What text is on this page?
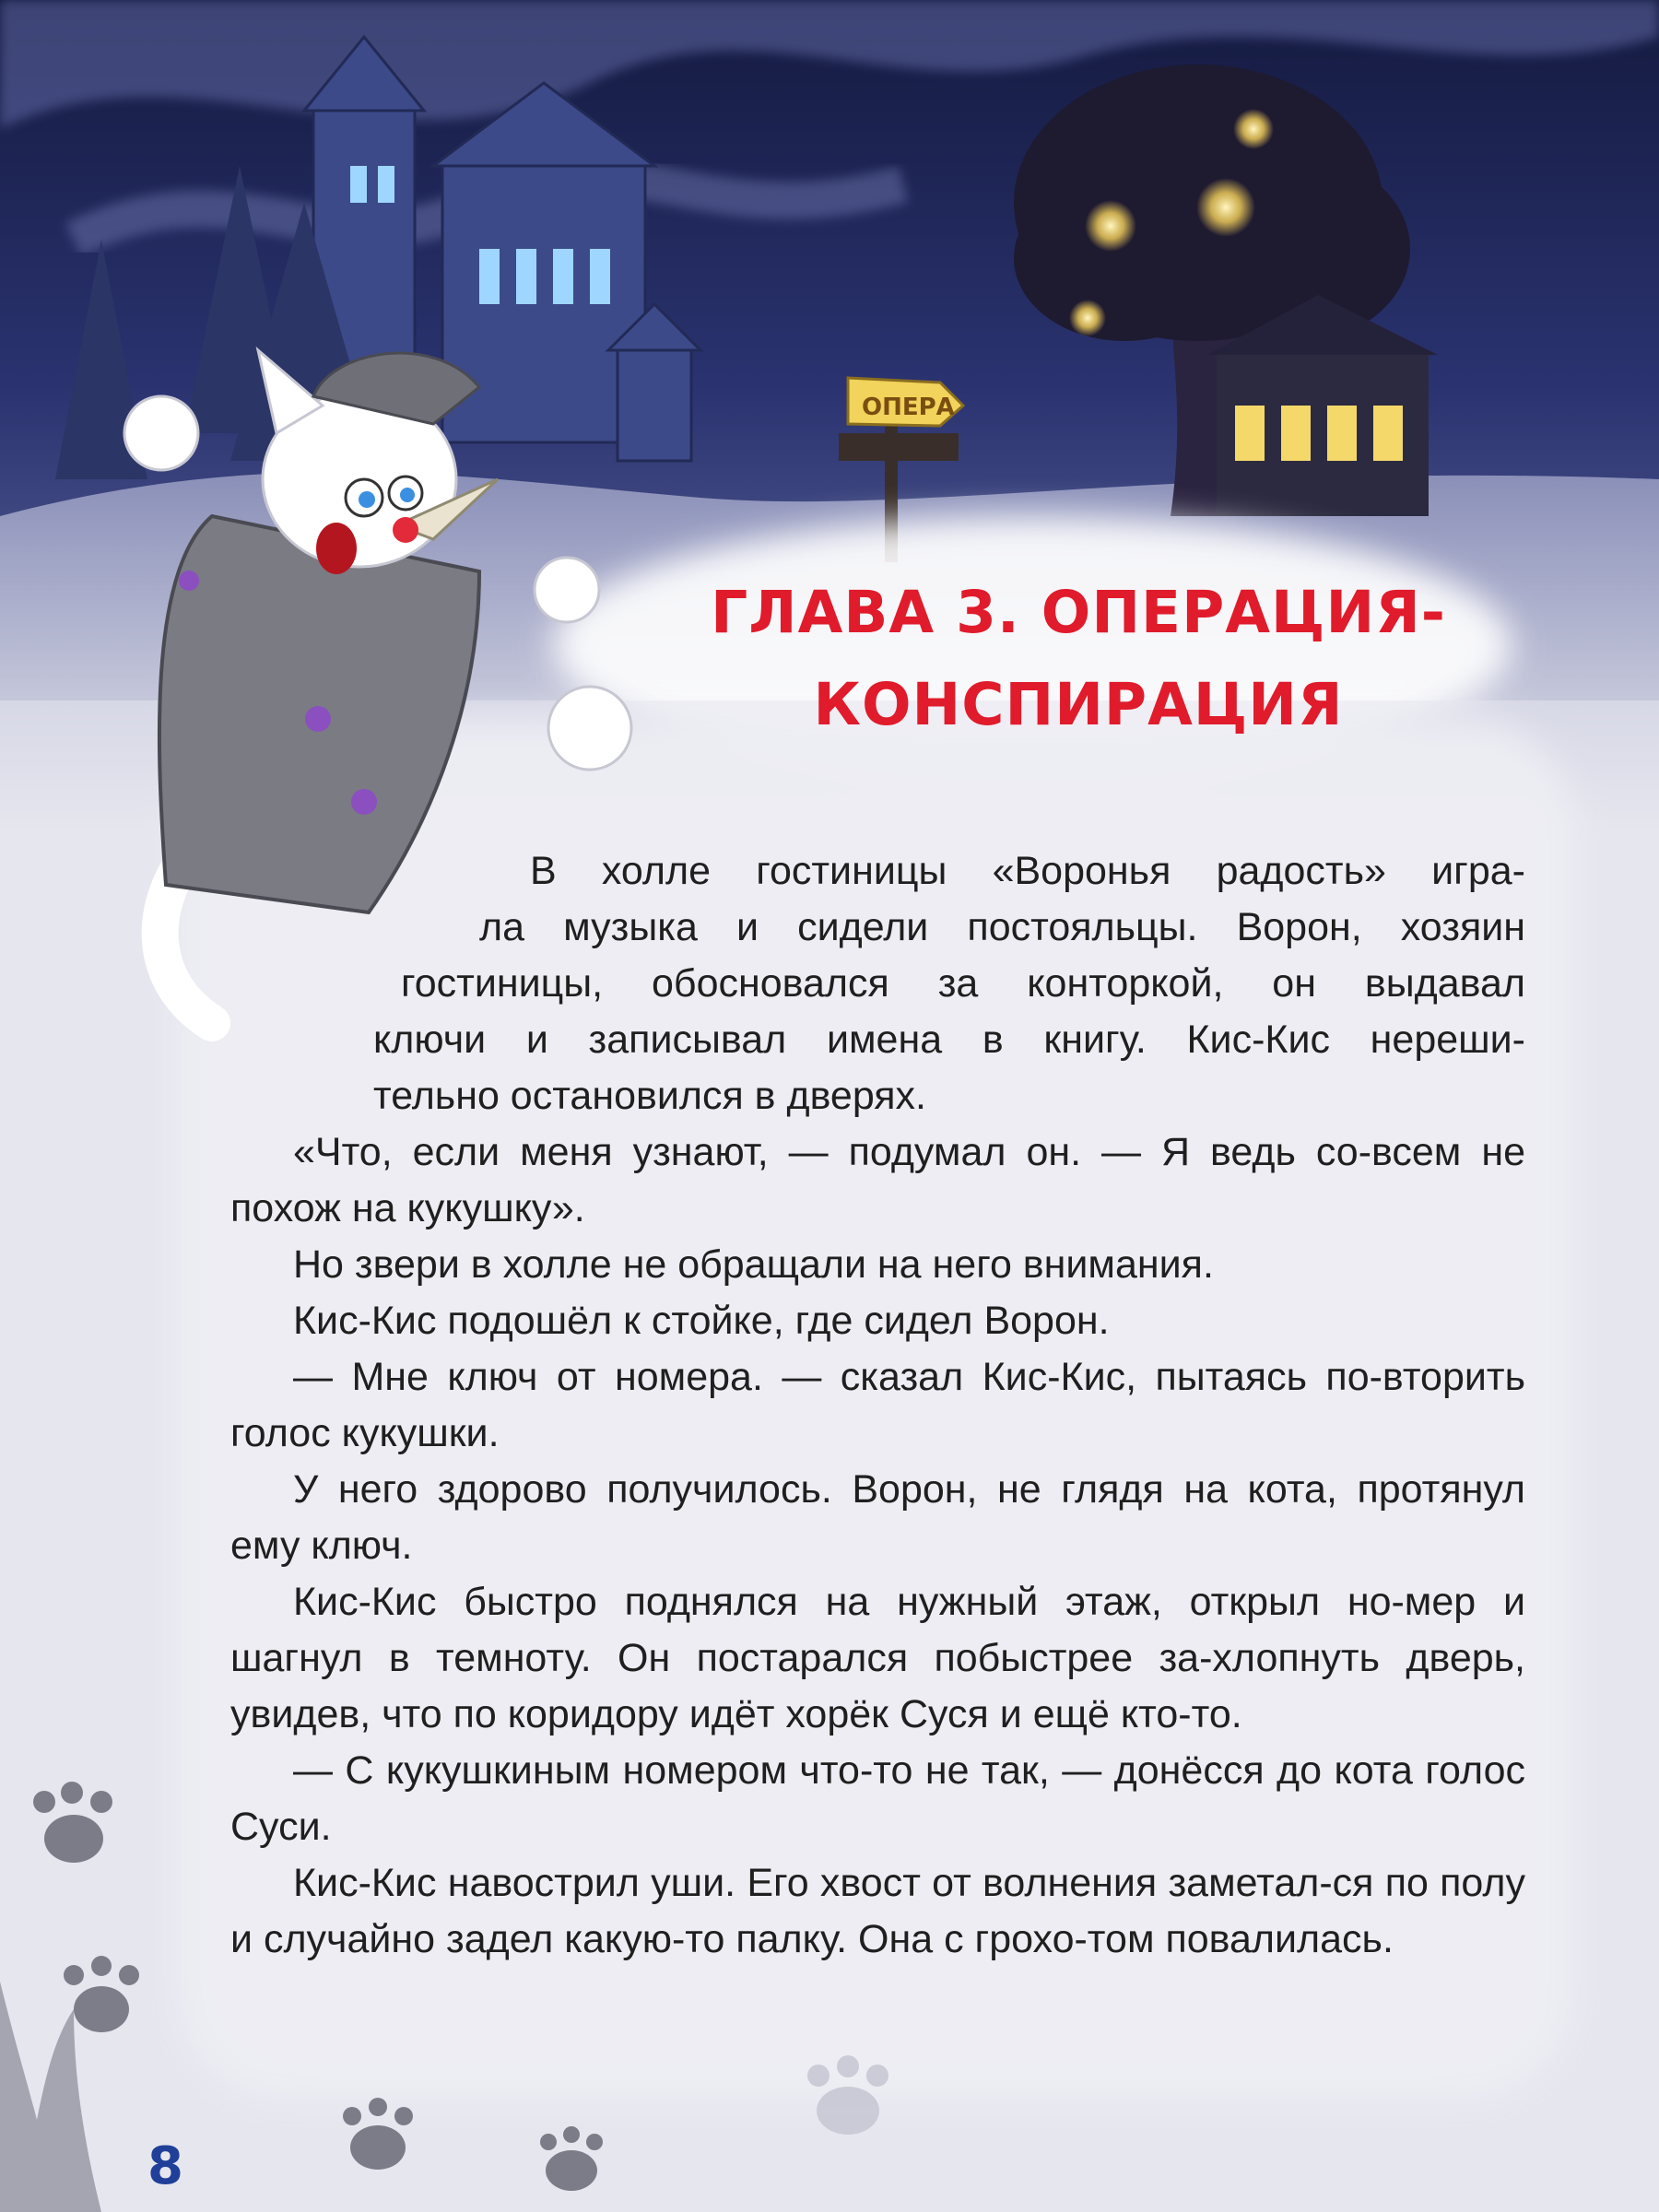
ОПЕРА
ГЛАВА 3. ОПЕРАЦИЯ-
КОНСПИРАЦИЯ

В холле гостиницы «Воронья радость» игра-
ла музыка и сидели постояльцы. Ворон, хозяин
гостиницы, обосновался за конторкой, он выдавал
ключи и записывал имена в книгу. Кис-Кис нереши-
тельно остановился в дверях.

«Что, если меня узнают, — подумал он. — Я ведь со-всем не похож на кукушку».

Но звери в холле не обращали на него внимания.

Кис-Кис подошёл к стойке, где сидел Ворон.

— Мне ключ от номера. — сказал Кис-Кис, пытаясь по-вторить голос кукушки.

У него здорово получилось. Ворон, не глядя на кота, протянул ему ключ.

Кис-Кис быстро поднялся на нужный этаж, открыл но-мер и шагнул в темноту. Он постарался побыстрее за-хлопнуть дверь, увидев, что по коридору идёт хорёк Суся и ещё кто-то.

— С кукушкиным номером что-то не так, — донёсся до кота голос Суси.

Кис-Кис навострил уши. Его хвост от волнения заметал-ся по полу и случайно задел какую-то палку. Она с грохо-том повалилась.

8
